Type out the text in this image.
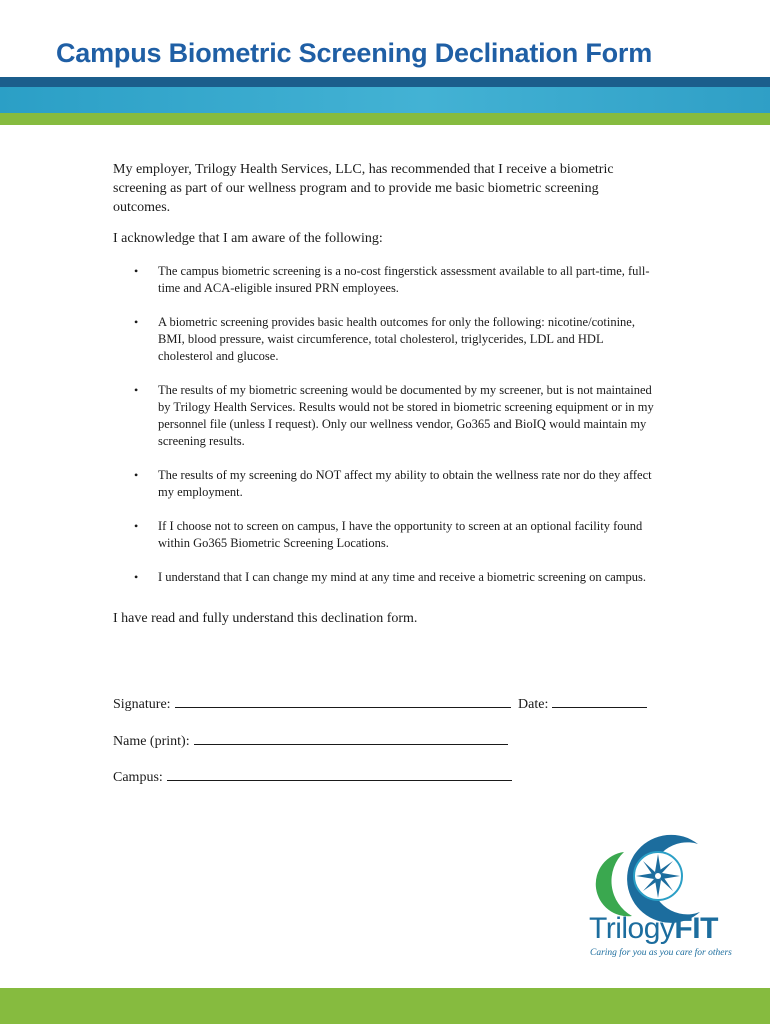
Campus Biometric Screening Declination Form

My employer, Trilogy Health Services, LLC, has recommended that I receive a biometric screening as part of our wellness program and to provide me basic biometric screening outcomes.

I acknowledge that I am aware of the following:

• The campus biometric screening is a no-cost fingerstick assessment available to all part-time, full-time and ACA-eligible insured PRN employees.
• A biometric screening provides basic health outcomes for only the following: nicotine/cotinine, BMI, blood pressure, waist circumference, total cholesterol, triglycerides, LDL and HDL cholesterol and glucose.
• The results of my biometric screening would be documented by my screener, but is not maintained by Trilogy Health Services. Results would not be stored in biometric screening equipment or in my personnel file (unless I request). Only our wellness vendor, Go365 and BioIQ would maintain my screening results.
• The results of my screening do NOT affect my ability to obtain the wellness rate nor do they affect my employment.
• If I choose not to screen on campus, I have the opportunity to screen at an optional facility found within Go365 Biometric Screening Locations.
• I understand that I can change my mind at any time and receive a biometric screening on campus.

I have read and fully understand this declination form.

Signature:	Date:
Name (print):
Campus:
TrilogyFIT
Caring for you as you care for others
